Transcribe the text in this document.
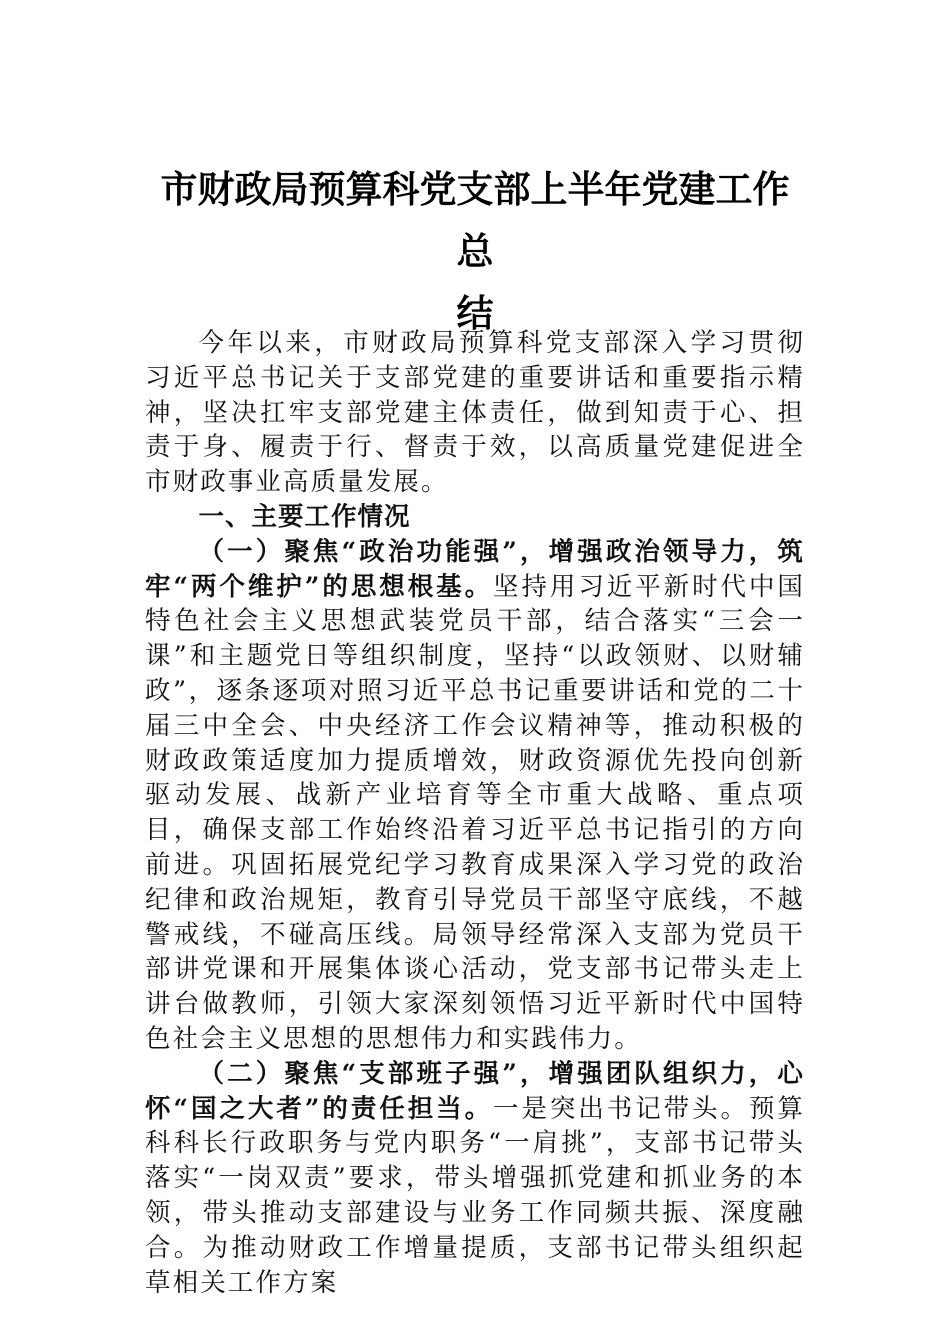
市财政局预算科党支部上半年党建工作总
结

今年以来，市财政局预算科党支部深入学习贯彻习近平总书记关于支部党建的重要讲话和重要指示精神，坚决扛牢支部党建主体责任，做到知责于心、担责于身、履责于行、督责于效，以高质量党建促进全市财政事业高质量发展。

一、主要工作情况

（一）聚焦“政治功能强”，增强政治领导力，筑牢“两个维护”的思想根基。坚持用习近平新时代中国特色社会主义思想武装党员干部，结合落实“三会一课”和主题党日等组织制度，坚持“以政领财、以财辅政”，逐条逐项对照习近平总书记重要讲话和党的二十届三中全会、中央经济工作会议精神等，推动积极的财政政策适度加力提质增效，财政资源优先投向创新驱动发展、战新产业培育等全市重大战略、重点项目，确保支部工作始终沿着习近平总书记指引的方向前进。巩固拓展党纪学习教育成果深入学习党的政治纪律和政治规矩，教育引导党员干部坚守底线，不越警戒线，不碰高压线。局领导经常深入支部为党员干部讲党课和开展集体谈心活动，党支部书记带头走上讲台做教师，引领大家深刻领悟习近平新时代中国特色社会主义思想的思想伟力和实践伟力。

（二）聚焦“支部班子强”，增强团队组织力，心怀“国之大者”的责任担当。一是突出书记带头。预算科科长行政职务与党内职务“一肩挑”，支部书记带头落实“一岗双责”要求，带头增强抓党建和抓业务的本领，带头推动支部建设与业务工作同频共振、深度融合。为推动财政工作增量提质，支部书记带头组织起草相关工作方案
